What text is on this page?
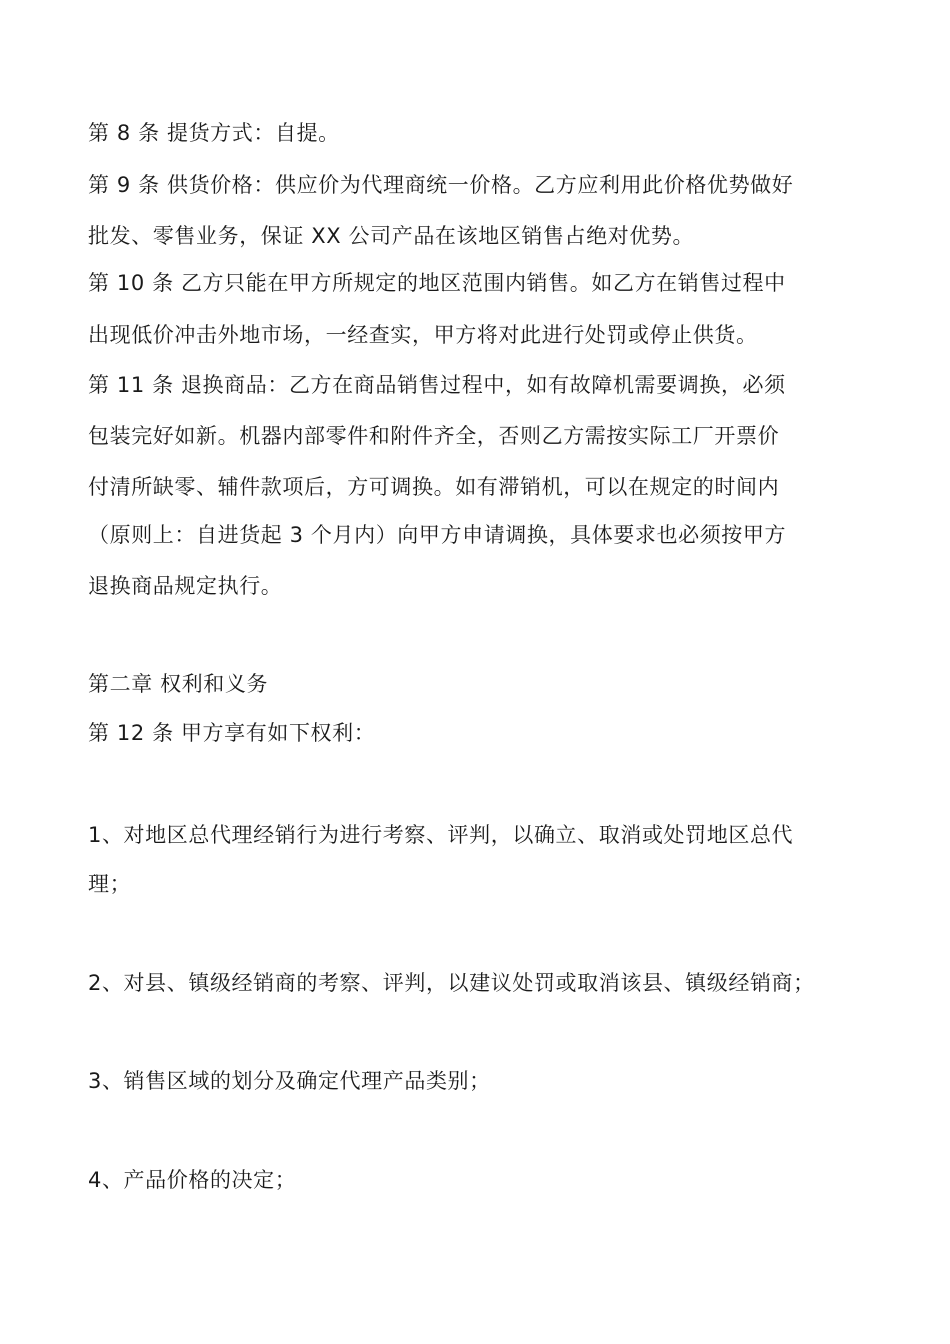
第 8 条 提货方式：自提。
第 9 条 供货价格：供应价为代理商统一价格。乙方应利用此价格优势做好
批发、零售业务，保证 XX 公司产品在该地区销售占绝对优势。
第 10 条 乙方只能在甲方所规定的地区范围内销售。如乙方在销售过程中
出现低价冲击外地市场，一经查实，甲方将对此进行处罚或停止供货。
第 11 条 退换商品：乙方在商品销售过程中，如有故障机需要调换，必须
包装完好如新。机器内部零件和附件齐全，否则乙方需按实际工厂开票价
付清所缺零、辅件款项后，方可调换。如有滞销机，可以在规定的时间内
（原则上：自进货起 3 个月内）向甲方申请调换，具体要求也必须按甲方
退换商品规定执行。
第二章 权利和义务
第 12 条 甲方享有如下权利：
1、对地区总代理经销行为进行考察、评判，以确立、取消或处罚地区总代
理；
2、对县、镇级经销商的考察、评判，以建议处罚或取消该县、镇级经销商；
3、销售区域的划分及确定代理产品类别；
4、产品价格的决定；
